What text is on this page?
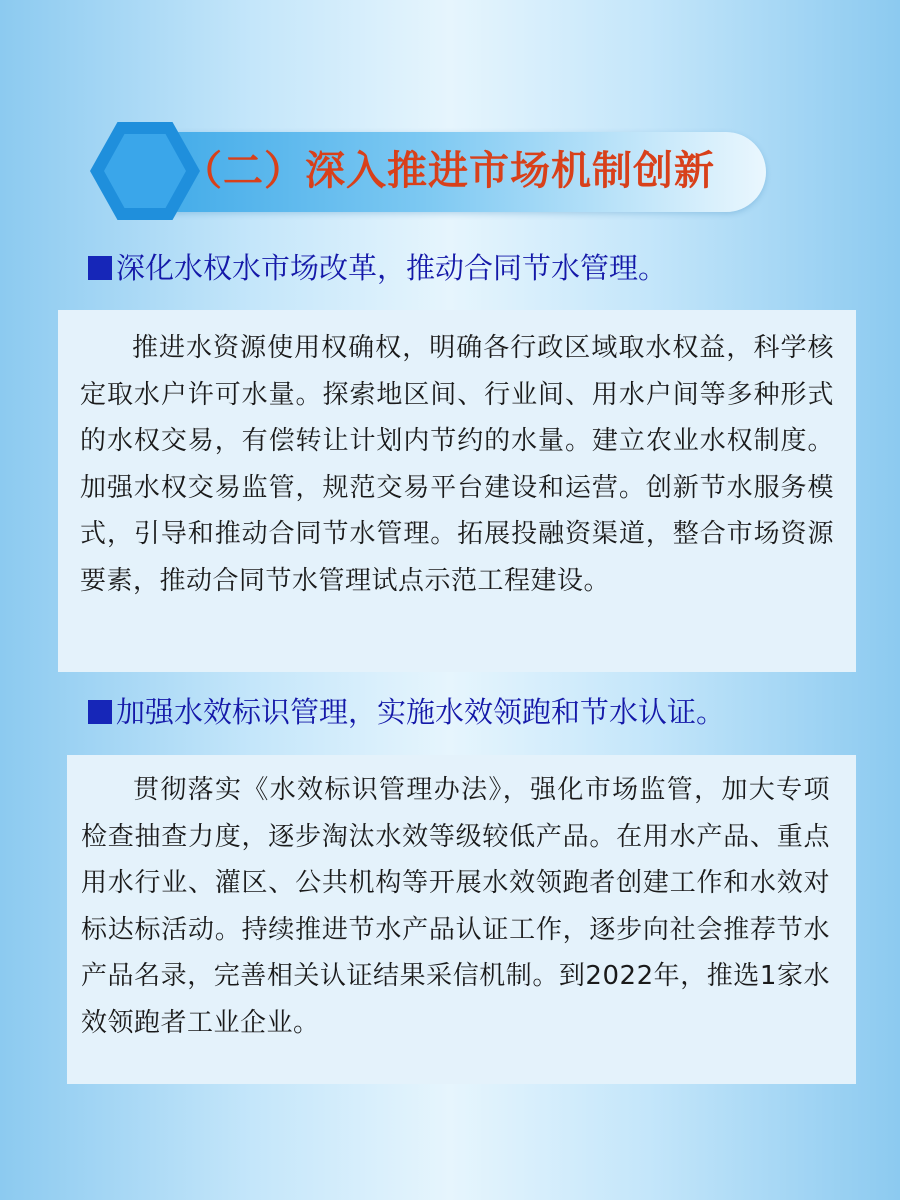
（二）深入推进市场机制创新
深化水权水市场改革，推动合同节水管理。

推进水资源使用权确权，明确各行政区域取水权益，科学核定取水户许可水量。探索地区间、行业间、用水户间等多种形式的水权交易，有偿转让计划内节约的水量。建立农业水权制度。加强水权交易监管，规范交易平台建设和运营。创新节水服务模式，引导和推动合同节水管理。拓展投融资渠道，整合市场资源要素，推动合同节水管理试点示范工程建设。

加强水效标识管理，实施水效领跑和节水认证。

贯彻落实《水效标识管理办法》，强化市场监管，加大专项检查抽查力度，逐步淘汰水效等级较低产品。在用水产品、重点用水行业、灌区、公共机构等开展水效领跑者创建工作和水效对标达标活动。持续推进节水产品认证工作，逐步向社会推荐节水产品名录，完善相关认证结果采信机制。到2022年，推选1家水效领跑者工业企业。
